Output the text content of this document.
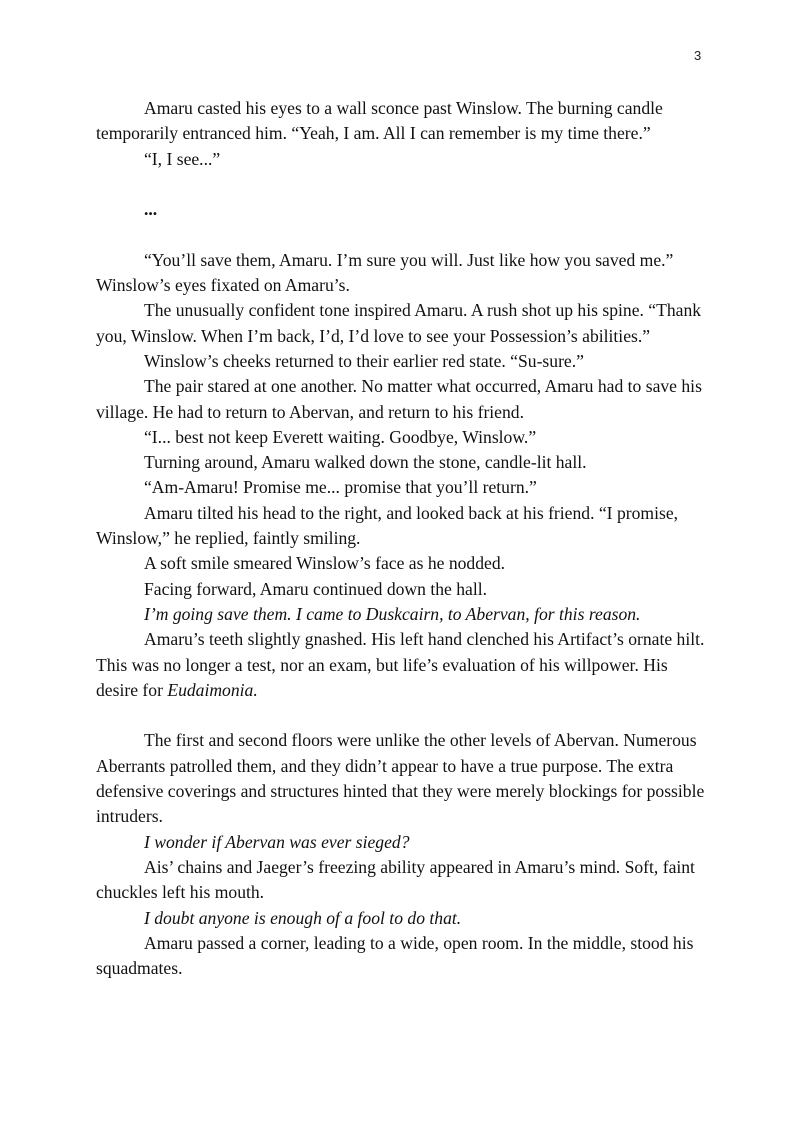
3

Amaru casted his eyes to a wall sconce past Winslow. The burning candle temporarily entranced him. “Yeah, I am. All I can remember is my time there.”

“I, I see...”

...

“You’ll save them, Amaru. I’m sure you will. Just like how you saved me.” Winslow’s eyes fixated on Amaru’s.

The unusually confident tone inspired Amaru. A rush shot up his spine. “Thank you, Winslow. When I’m back, I’d, I’d love to see your Possession’s abilities.”

Winslow’s cheeks returned to their earlier red state. “Su-sure.”

The pair stared at one another. No matter what occurred, Amaru had to save his village. He had to return to Abervan, and return to his friend.

“I... best not keep Everett waiting. Goodbye, Winslow.”

Turning around, Amaru walked down the stone, candle-lit hall.

“Am-Amaru! Promise me... promise that you’ll return.”

Amaru tilted his head to the right, and looked back at his friend. “I promise, Winslow,” he replied, faintly smiling.

A soft smile smeared Winslow’s face as he nodded.

Facing forward, Amaru continued down the hall.

I’m going save them. I came to Duskcairn, to Abervan, for this reason.

Amaru’s teeth slightly gnashed. His left hand clenched his Artifact’s ornate hilt. This was no longer a test, nor an exam, but life’s evaluation of his willpower. His desire for Eudaimonia.

The first and second floors were unlike the other levels of Abervan. Numerous Aberrants patrolled them, and they didn’t appear to have a true purpose. The extra defensive coverings and structures hinted that they were merely blockings for possible intruders.

I wonder if Abervan was ever sieged?

Ais’ chains and Jaeger’s freezing ability appeared in Amaru’s mind. Soft, faint chuckles left his mouth.

I doubt anyone is enough of a fool to do that.

Amaru passed a corner, leading to a wide, open room. In the middle, stood his squadmates.
